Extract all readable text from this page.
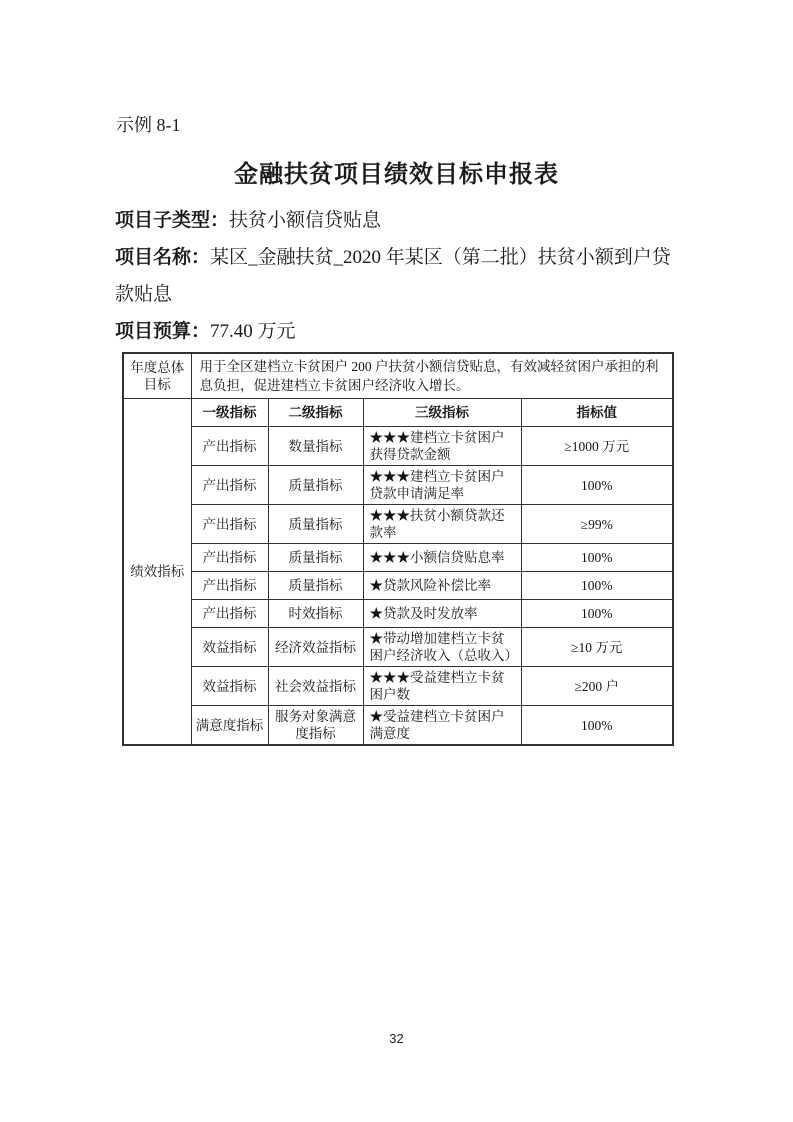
示例 8-1
金融扶贫项目绩效目标申报表

项目子类型：扶贫小额信贷贴息

项目名称：某区_金融扶贫_2020 年某区（第二批）扶贫小额到户贷款贴息

项目预算：77.40 万元

年度总体目标	用于全区建档立卡贫困户 200 户扶贫小额信贷贴息，有效减轻贫困户承担的利息负担，促进建档立卡贫困户经济收入增长。			
绩效指标	一级指标	二级指标	三级指标	指标值
	产出指标	数量指标	★★★建档立卡贫困户获得贷款金额	≥1000 万元
	产出指标	质量指标	★★★建档立卡贫困户贷款申请满足率	100%
	产出指标	质量指标	★★★扶贫小额贷款还款率	≥99%
	产出指标	质量指标	★★★小额信贷贴息率	100%
	产出指标	质量指标	★贷款风险补偿比率	100%
	产出指标	时效指标	★贷款及时发放率	100%
	效益指标	经济效益指标	★带动增加建档立卡贫困户经济收入（总收入）	≥10 万元
	效益指标	社会效益指标	★★★受益建档立卡贫困户数	≥200 户
	满意度指标	服务对象满意度指标	★受益建档立卡贫困户满意度	100%
32
